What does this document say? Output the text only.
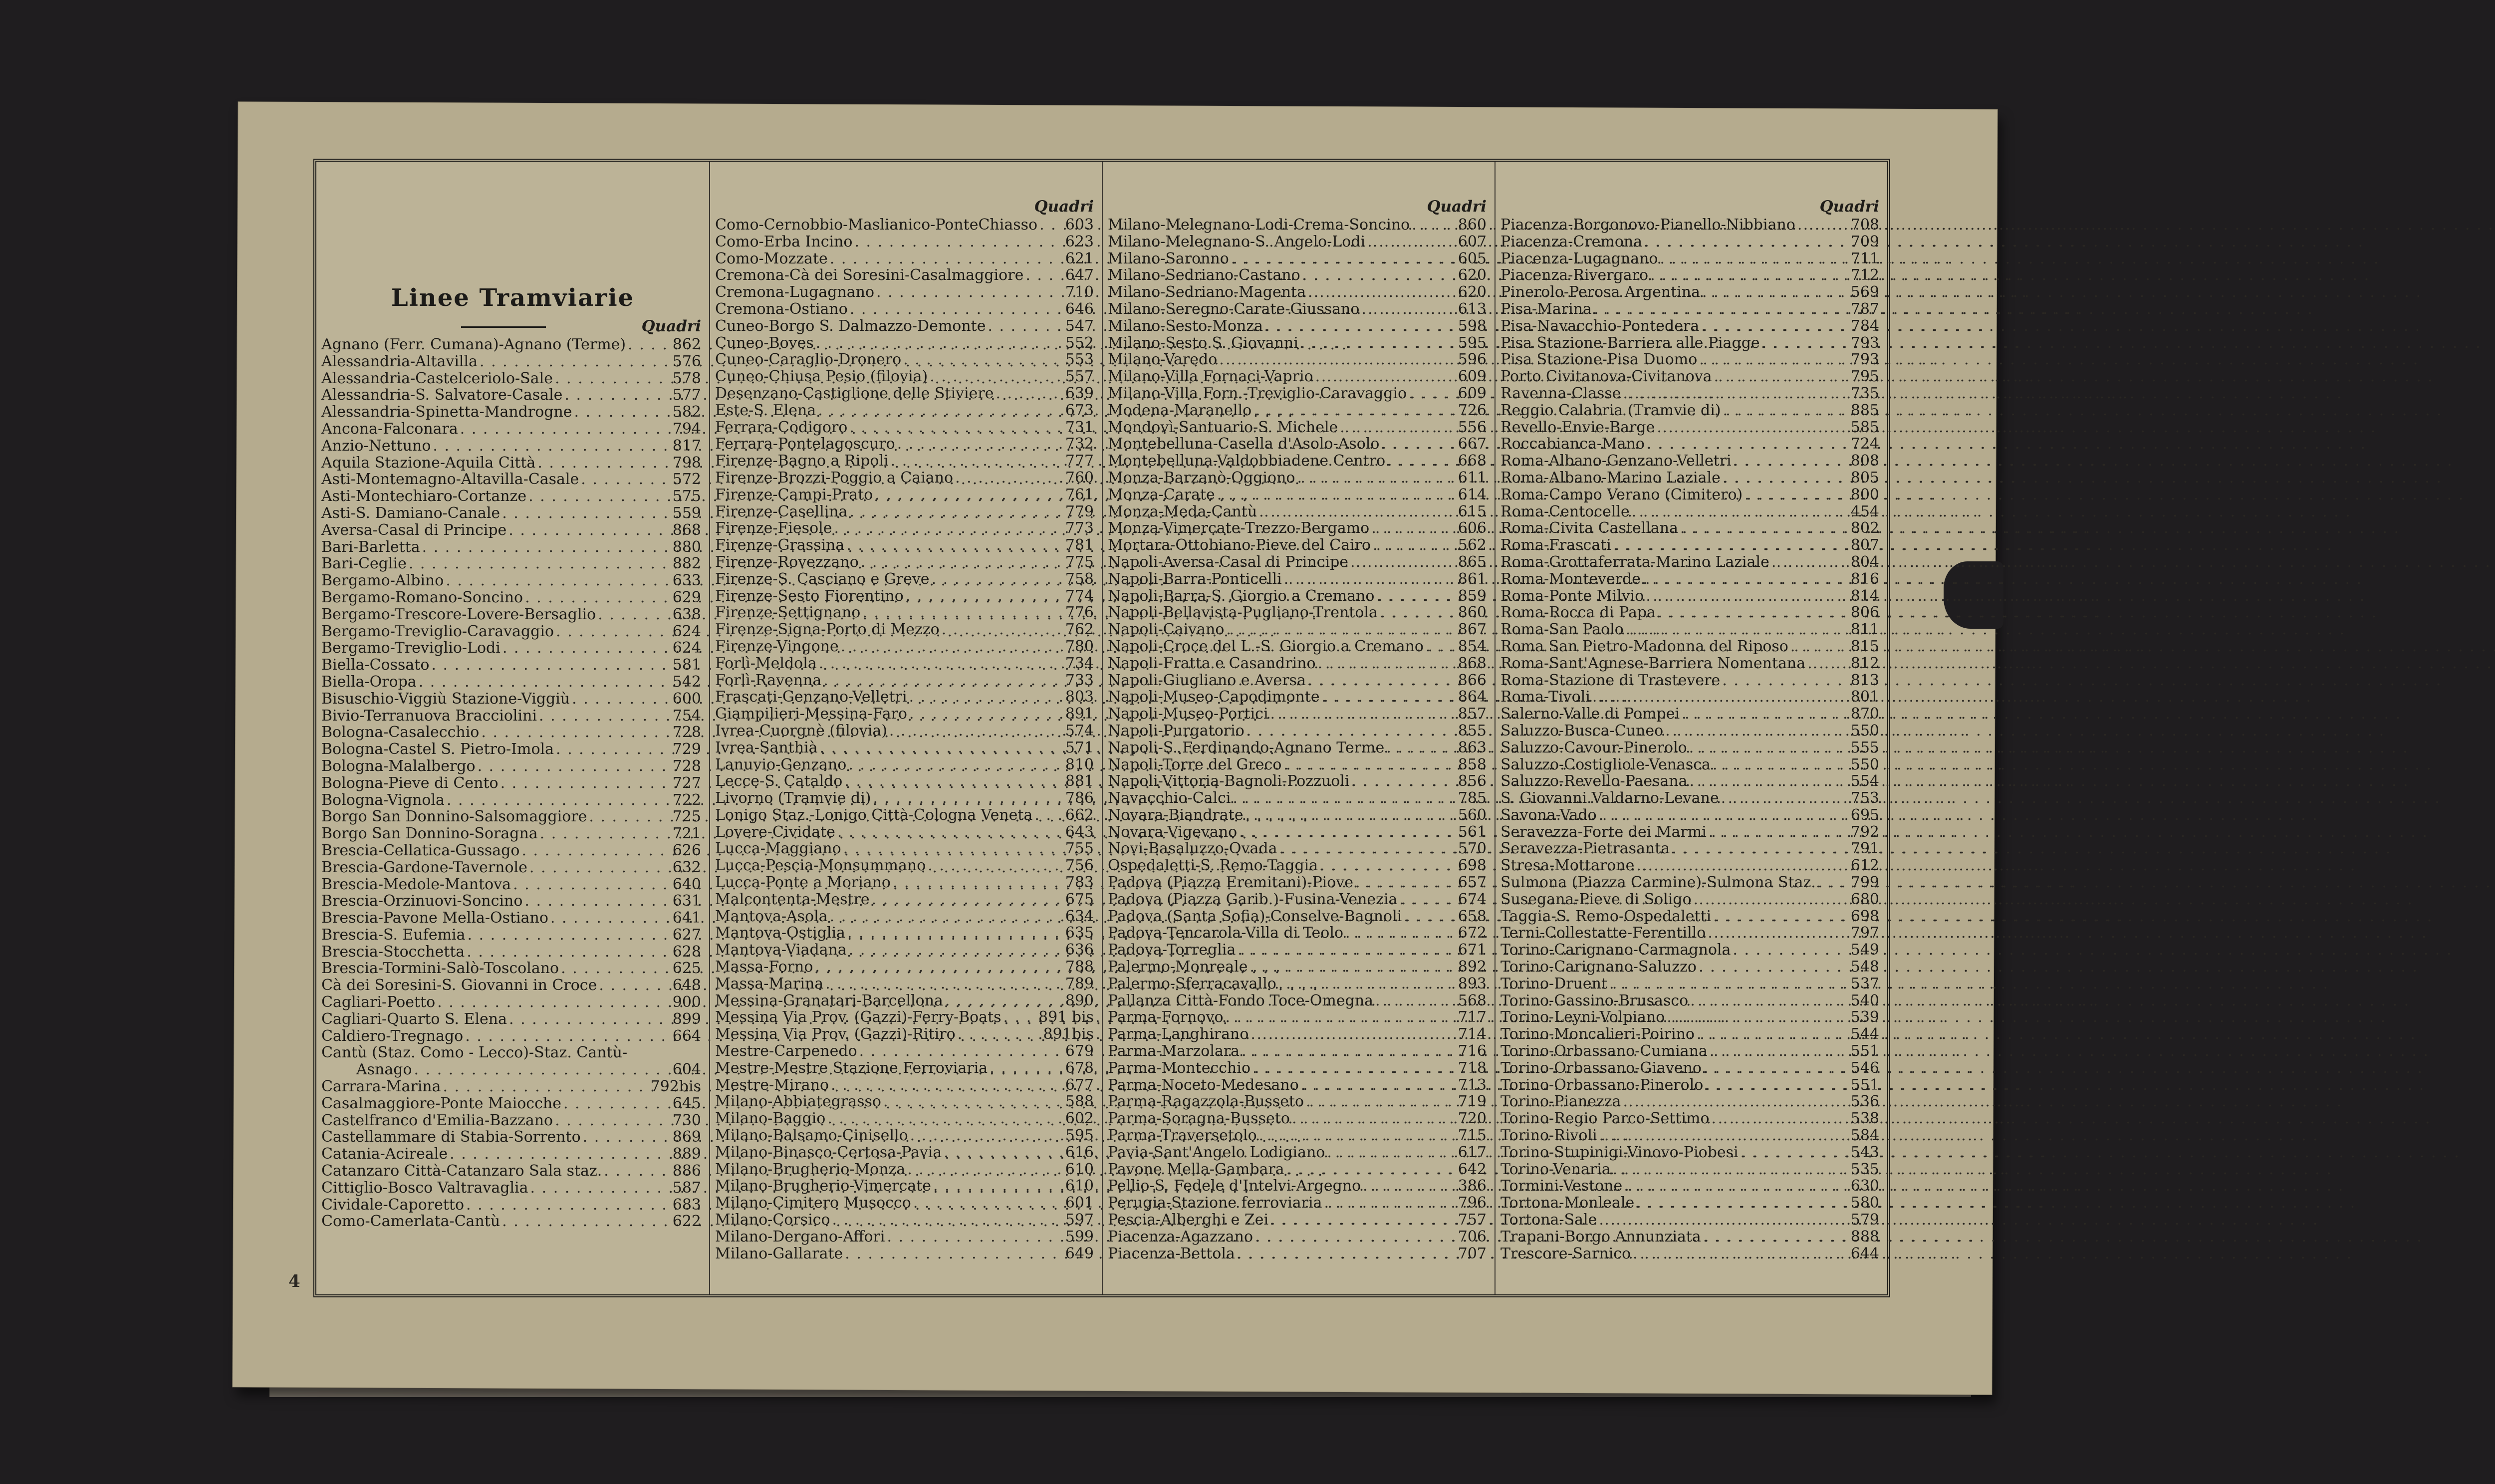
Linee Tramviarie
Quadri
Agnano (Ferr. Cumana)-Agnano (Terme) . . .	862
Alessandria-Altavilla . . .	576
Alessandria-Castelceriolo-Sale . . .	578
Alessandria-S. Salvatore-Casale . . .	577
Alessandria-Spinetta-Mandrogne . . .	582
Ancona-Falconara . . .	794
Anzio-Nettuno . . .	817
Aquila Stazione-Aquila Città . . .	798
Asti-Montemagno-Altavilla-Casale . . .	572
Asti-Montechiaro-Cortanze . . .	575
Asti-S. Damiano-Canale . . .	559
Aversa-Casal di Principe . . .	868
Bari-Barletta . . .	880
Bari-Ceglie . . .	882
Bergamo-Albino . . .	633
Bergamo-Romano-Soncino . . .	629
Bergamo-Trescore-Lovere-Bersaglio . . .	638
Bergamo-Treviglio-Caravaggio . . .	624
Bergamo-Treviglio-Lodi . . .	624
Biella-Cossato . . .	581
Biella-Oropa . . .	542
Bisuschio-Viggiù Stazione-Viggiù . . .	600
Bivio-Terranuova Bracciolini . . .	754
Bologna-Casalecchio . . .	728
Bologna-Castel S. Pietro-Imola . . .	729
Bologna-Malalbergo . . .	728
Bologna-Pieve di Cento . . .	727
Bologna-Vignola . . .	722
Borgo San Donnino-Salsomaggiore . . .	725
Borgo San Donnino-Soragna . . .	721
Brescia-Cellatica-Gussago . . .	626
Brescia-Gardone-Tavernole . . .	632
Brescia-Medole-Mantova . . .	640
Brescia-Orzinuovi-Soncino . . .	631
Brescia-Pavone Mella-Ostiano . . .	641
Brescia-S. Eufemia . . .	627
Brescia-Stocchetta . . .	628
Brescia-Tormini-Salò-Toscolano . . .	625
Cà dei Soresini-S. Giovanni in Croce . . .	648
Cagliari-Poetto . . .	900
Cagliari-Quarto S. Elena . . .	899
Caldiero-Tregnago . . .	664
Cantù (Staz. Como - Lecco)-Staz. Cantù-
Asnago . . .	604
Carrara-Marina . . .	792bis
Casalmaggiore-Ponte Maiocche . . .	645
Castelfranco d'Emilia-Bazzano . . .	730
Castellammare di Stabia-Sorrento . . .	869
Catania-Acireale . . .	889
Catanzaro Città-Catanzaro Sala staz. . . .	886
Cittiglio-Bosco Valtravaglia . . .	587
Cividale-Caporetto . . .	683
Como-Camerlata-Cantù . . .	622
Quadri
Como-Cernobbio-Maslianico-PonteChiasso . . . 603
Como-Erba Incino . . .	623
Como-Mozzate . . .	621
Cremona-Cà dei Soresini-Casalmaggiore . . .	647
Cremona-Lugagnano . . .	710
Cremona-Ostiano . . .	646
Cuneo-Borgo S. Dalmazzo-Demonte . . .	547
Cuneo-Boves . . .	552
Cuneo-Caraglio-Dronero . . .	553
Cuneo-Chiusa Pesio (filovia) . . .	557
Desenzano-Castiglione delle Stiviere . . .	639
Este-S. Elena . . .	673
Ferrara-Codigoro . . .	731
Ferrara-Pontelagoscuro . . .	732
Firenze-Bagno a Ripoli . . .	777
Firenze-Brozzi-Poggio a Caiano . . .	760
Firenze-Campi-Prato . . .	761
Firenze-Casellina . . .	779
Firenze-Fiesole . . .	773
Firenze-Grassina . . .	781
Firenze-Rovezzano . . .	775
Firenze-S. Casciano e Greve . . .	758
Firenze-Sesto Fiorentino . . .	774
Firenze-Settignano . . .	776
Firenze-Signa-Porto di Mezzo . . .	762
Firenze-Vingone . . .	780
Forlì-Meldola . . .	734
Forlì-Ravenna . . .	733
Frascati-Genzano-Velletri . . .	803
Giampilieri-Messina-Faro . . .	891
Ivrea-Cuorgnè (filovia) . . .	574
Ivrea-Santhià . . .	571
Lanuvio-Genzano . . .	810
Lecce-S. Cataldo . . .	881
Livorno (Tramvie di) . . .	786
Lonigo Staz.-Lonigo Città-Cologna Veneta . . . 662
Lovere-Cividate . . .	643
Lucca-Maggiano . . .	755
Lucca-Pescia-Monsummano . . .	756
Lucca-Ponte a Moriano . . .	783
Malcontenta-Mestre . . .	675
Mantova-Asola . . .	634
Mantova-Ostiglia . . .	635
Mantova-Viadana . . .	636
Massa-Forno . . .	788
Massa-Marina . . .	789
Messina-Granatari-Barcellona . . .	890
Messina Via Prov. (Gazzi)-Ferry-Boats . . . 891 bis
Messina Via Prov. (Gazzi)-Ritiro . . .	891bis
Mestre-Carpenedo . . .	679
Mestre-Mestre Stazione Ferroviaria . . .	678
Mestre-Mirano . . .	677
Milano-Abbiategrasso . . .	588
Milano-Baggio . . .	602
Milano-Balsamo-Cinisello . . .	595
Milano-Binasco-Certosa-Pavia . . .	616
Milano-Brugherio-Monza . . .	610
Milano-Brugherio-Vimercate . . .	610
Milano-Cimitero Musocco . . .	601
Milano-Corsico . . .	597
Milano-Dergano-Affori . . .	599
Milano-Gallarate . . .	649
Quadri
Milano-Melegnano-Lodi-Crema-Soncino . . .	860
Milano-Melegnano-S. Angelo-Lodi . . .	607
Milano-Saronno . . .	605
Milano-Sedriano-Castano . . .	620
Milano-Sedriano-Magenta . . .	620
Milano-Seregno-Carate-Giussano . . .	613
Milano-Sesto-Monza . . .	598
Milano-Sesto S. Giovanni . . .	595
Milano-Varedo . . .	596
Milano-Villa Fornaci-Vaprio . . .	609
Milano-Villa Forn.-Treviglio-Caravaggio . . .	609
Modena-Maranello . . .	726
Mondovì-Santuario-S. Michele . . .	556
Montebelluna-Casella d'Asolo-Asolo . . .	667
Montebelluna-Valdobbiadene Centro . . .	668
Monza-Barzanò-Oggiono . . .	611
Monza-Carate . . .	614
Monza-Meda-Cantù . . .	615
Monza-Vimercate-Trezzo-Bergamo . . .	606
Mortara-Ottobiano-Pieve del Cairo . . .	562
Napoli-Aversa-Casal di Principe . . .	865
Napoli-Barra-Ponticelli . . .	861
Napoli-Barra-S. Giorgio a Cremano . . .	859
Napoli-Bellavista-Pugliano-Trentola . . .	860
Napoli-Caivano . . .	867
Napoli-Croce del L.-S. Giorgio a Cremano . . . 854
Napoli-Fratta e Casandrino . . .	868
Napoli-Giugliano e Aversa . . .	866
Napoli-Museo-Capodimonte . . .	864
Napoli-Museo-Portici . . .	857
Napoli-Purgatorio . . .	855
Napoli-S. Ferdinando-Agnano Terme . . .	863
Napoli-Torre del Greco . . .	858
Napoli-Vittoria-Bagnoli-Pozzuoli . . .	856
Navacchio-Calci . . .	785
Novara-Biandrate . . .	560
Novara-Vigevano . . .	561
Novi-Basaluzzo-Ovada . . .	570
Ospedaletti-S. Remo-Taggia . . .	698
Padova (Piazza Eremitani)-Piove . . .	657
Padova (Piazza Garib.)-Fusina-Venezia . . .	674
Padova (Santa Sofia)-Conselve-Bagnoli . . .	658
Padova-Tencarola-Villa di Teolo . . .	672
Padova-Torreglia . . .	671
Palermo-Monreale . . .	892
Palermo-Sferracavallo . . .	893
Pallanza Città-Fondo Toce-Omegna . . .	568
Parma-Fornovo . . .	717
Parma-Langhirano . . .	714
Parma-Marzolara . . .	716
Parma-Montecchio . . .	718
Parma-Noceto-Medesano . . .	713
Parma-Ragazzola-Busseto . . .	719
Parma-Soragna-Busseto . . .	720
Parma-Traversetolo . . .	715
Pavia-Sant'Angelo Lodigiano . . .	617
Pavone Mella-Gambara . . .	642
Pellio-S. Fedele d'Intelvi-Argegno . . .	386
Perugia-Stazione ferroviaria . . .	796
Pescia-Alberghi e Zei . . .	757
Piacenza-Agazzano . . .	706
Piacenza-Bettola . . .	707
Quadri
Piacenza-Borgonovo-Pianello-Nibbiano . . .	708
Piacenza-Cremona . . .	709
Piacenza-Lugagnano . . .	711
Piacenza-Rivergaro . . .	712
Pinerolo-Perosa Argentina . . .	569
Pisa-Marina . . .	787
Pisa-Navacchio-Pontedera . . .	784
Pisa Stazione-Barriera alle Piagge . . .	793
Pisa Stazione-Pisa Duomo . . .	793
Porto Civitanova-Civitanova . . .	795
Ravenna-Classe . . .	735
Reggio Calabria (Tramvie di) . . .	885
Revello-Envie-Barge . . .	585
Roccabianca-Mano . . .	724
Roma-Albano-Genzano-Velletri . . .	808
Roma-Albano-Marino Laziale . . .	805
Roma-Campo Verano (Cimitero) . . .	800
Roma-Centocelle . . .	454
Roma-Civita Castellana . . .	802
Roma-Frascati . . .	807
Roma-Grottaferrata-Marino Laziale . . .	804
Roma-Monteverde . . .	816
Roma-Ponte Milvio . . .	814
Roma-Rocca di Papa . . .	806
Roma-San Paolo . . .	811
Roma San Pietro-Madonna del Riposo . . .	815
Roma-Sant'Agnese-Barriera Nomentana . . .	812
Roma-Stazione di Trastevere . . .	813
Roma-Tivoli . . .	801
Salerno-Valle di Pompei . . .	870
Saluzzo-Busca-Cuneo . . .	550
Saluzzo-Cavour-Pinerolo . . .	555
Saluzzo-Costigliole-Venasca . . .	550
Saluzzo-Revello-Paesana . . .	554
S. Giovanni Valdarno-Levane . . .	753
Savona-Vado . . .	695
Seravezza-Forte dei Marmi . . .	792
Seravezza-Pietrasanta . . .	791
Stresa-Mottarone . . .	612
Sulmona (Piazza Carmine)-Sulmona Staz. . . . 799
Susegana-Pieve di Soligo . . .	680
Taggia-S. Remo-Ospedaletti . . .	698
Terni-Collestatte-Ferentillo . . .	797
Torino-Carignano-Carmagnola . . .	549
Torino-Carignano-Saluzzo . . .	548
Torino-Druent . . .	537
Torino-Gassino-Brusasco . . .	540
Torino-Leyni-Volpiano . . .	539
Torino-Moncalieri-Poirino . . .	544
Torino-Orbassano-Cumiana . . .	551
Torino-Orbassano-Giaveno . . .	546
Torino-Orbassano-Pinerolo . . .	551
Torino-Pianezza . . .	536
Torino-Regio Parco-Settimo . . .	538
Torino-Rivoli . . .	584
Torino-Stupinigi-Vinovo-Piobesi . . .	543
Torino-Venaria . . .	535
Tormini-Vestone . . .	630
Tortona-Monleale . . .	580
Tortona-Sale . . .	579
Trapani-Borgo Annunziata . . .	888
Trescore-Sarnico . . .	644
4
